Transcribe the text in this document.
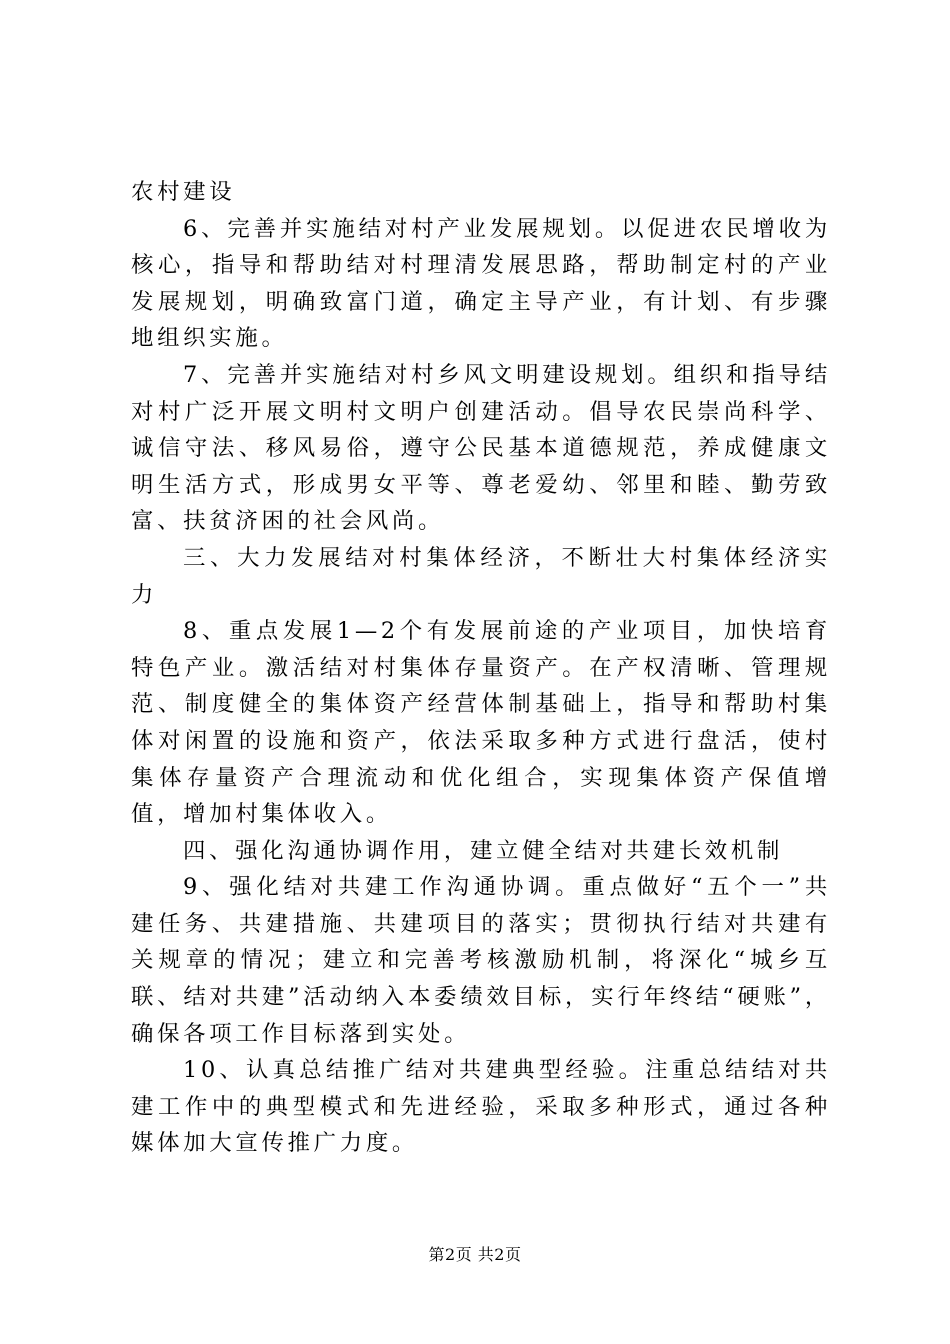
农村建设

6、完善并实施结对村产业发展规划。以促进农民增收为核心，指导和帮助结对村理清发展思路，帮助制定村的产业发展规划，明确致富门道，确定主导产业，有计划、有步骤地组织实施。

7、完善并实施结对村乡风文明建设规划。组织和指导结对村广泛开展文明村文明户创建活动。倡导农民崇尚科学、诚信守法、移风易俗，遵守公民基本道德规范，养成健康文明生活方式，形成男女平等、尊老爱幼、邻里和睦、勤劳致富、扶贫济困的社会风尚。

三、大力发展结对村集体经济，不断壮大村集体经济实力

8、重点发展1—2个有发展前途的产业项目，加快培育特色产业。激活结对村集体存量资产。在产权清晰、管理规范、制度健全的集体资产经营体制基础上，指导和帮助村集体对闲置的设施和资产，依法采取多种方式进行盘活，使村集体存量资产合理流动和优化组合，实现集体资产保值增值，增加村集体收入。

四、强化沟通协调作用，建立健全结对共建长效机制

9、强化结对共建工作沟通协调。重点做好“五个一”共建任务、共建措施、共建项目的落实；贯彻执行结对共建有关规章的情况；建立和完善考核激励机制，将深化“城乡互联、结对共建”活动纳入本委绩效目标，实行年终结“硬账”，确保各项工作目标落到实处。

10、认真总结推广结对共建典型经验。注重总结结对共建工作中的典型模式和先进经验，采取多种形式，通过各种媒体加大宣传推广力度。

第2页 共2页
